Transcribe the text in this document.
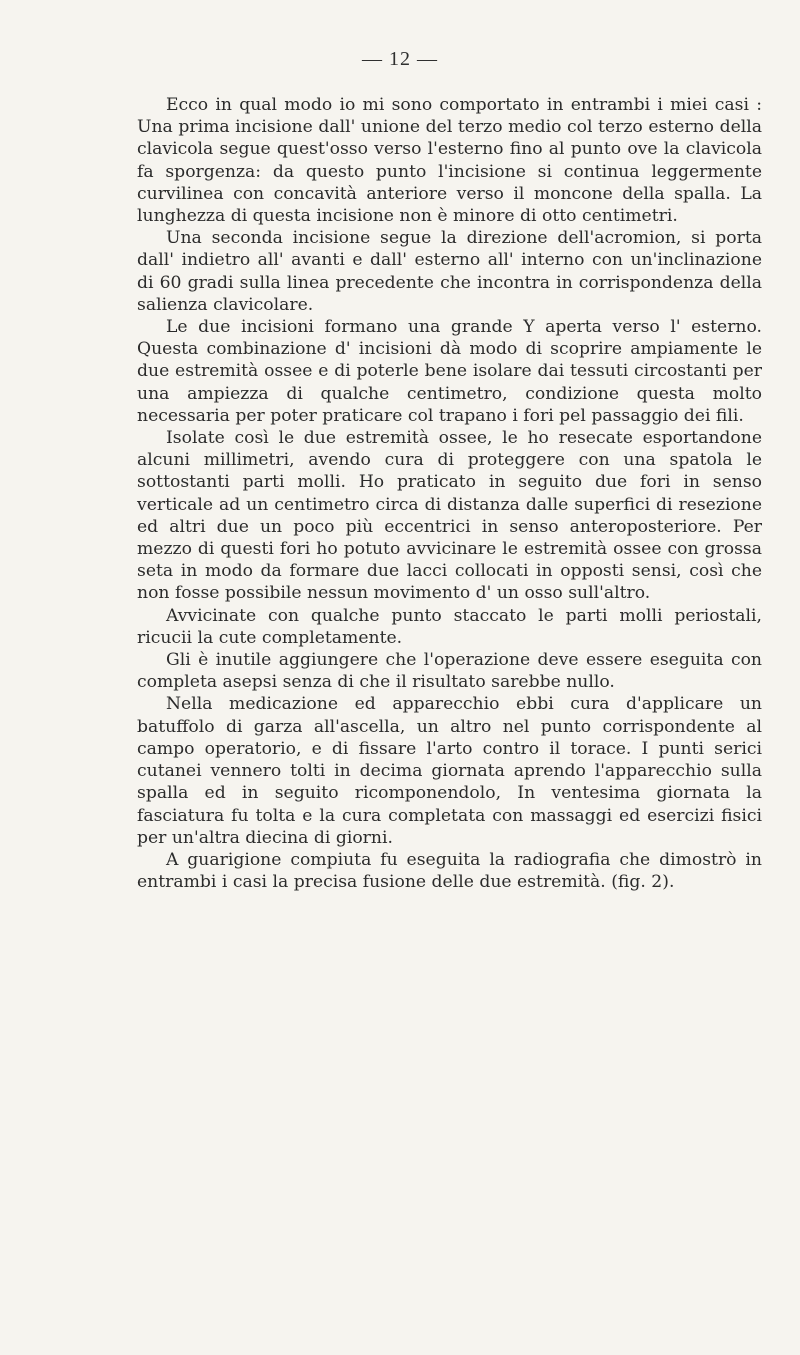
— 12 —

Ecco in qual modo io mi sono comportato in entrambi i miei casi : Una prima incisione dall' unione del terzo medio col terzo esterno della clavicola segue quest'osso verso l'esterno fino al punto ove la clavicola fa sporgenza: da questo punto l'incisione si continua leggermente curvilinea con concavità anteriore verso il moncone della spalla. La lunghezza di questa incisione non è minore di otto centimetri.

Una seconda incisione segue la direzione dell'acromion, si porta dall' indietro all' avanti e dall' esterno all' interno con un'inclinazione di 60 gradi sulla linea precedente che incontra in corrispondenza della salienza clavicolare.

Le due incisioni formano una grande Y aperta verso l' esterno. Questa combinazione d' incisioni dà modo di scoprire ampiamente le due estremità ossee e di poterle bene isolare dai tessuti circostanti per una ampiezza di qualche centimetro, condizione questa molto necessaria per poter praticare col trapano i fori pel passaggio dei fili.

Isolate così le due estremità ossee, le ho resecate esportandone alcuni millimetri, avendo cura di proteggere con una spatola le sottostanti parti molli. Ho praticato in seguito due fori in senso verticale ad un centimetro circa di distanza dalle superfici di resezione ed altri due un poco più eccentrici in senso anteroposteriore. Per mezzo di questi fori ho potuto avvicinare le estremità ossee con grossa seta in modo da formare due lacci collocati in opposti sensi, così che non fosse possibile nessun movimento d' un osso sull'altro.

Avvicinate con qualche punto staccato le parti molli periostali, ricucii la cute completamente.

Gli è inutile aggiungere che l'operazione deve essere eseguita con completa asepsi senza di che il risultato sarebbe nullo.

Nella medicazione ed apparecchio ebbi cura d'applicare un batuffolo di garza all'ascella, un altro nel punto corrispondente al campo operatorio, e di fissare l'arto contro il torace. I punti serici cutanei vennero tolti in decima giornata aprendo l'apparecchio sulla spalla ed in seguito ricomponendolo, In ventesima giornata la fasciatura fu tolta e la cura completata con massaggi ed esercizi fisici per un'altra diecina di giorni.

A guarigione compiuta fu eseguita la radiografia che dimostrò in entrambi i casi la precisa fusione delle due estremità. (fig. 2).
